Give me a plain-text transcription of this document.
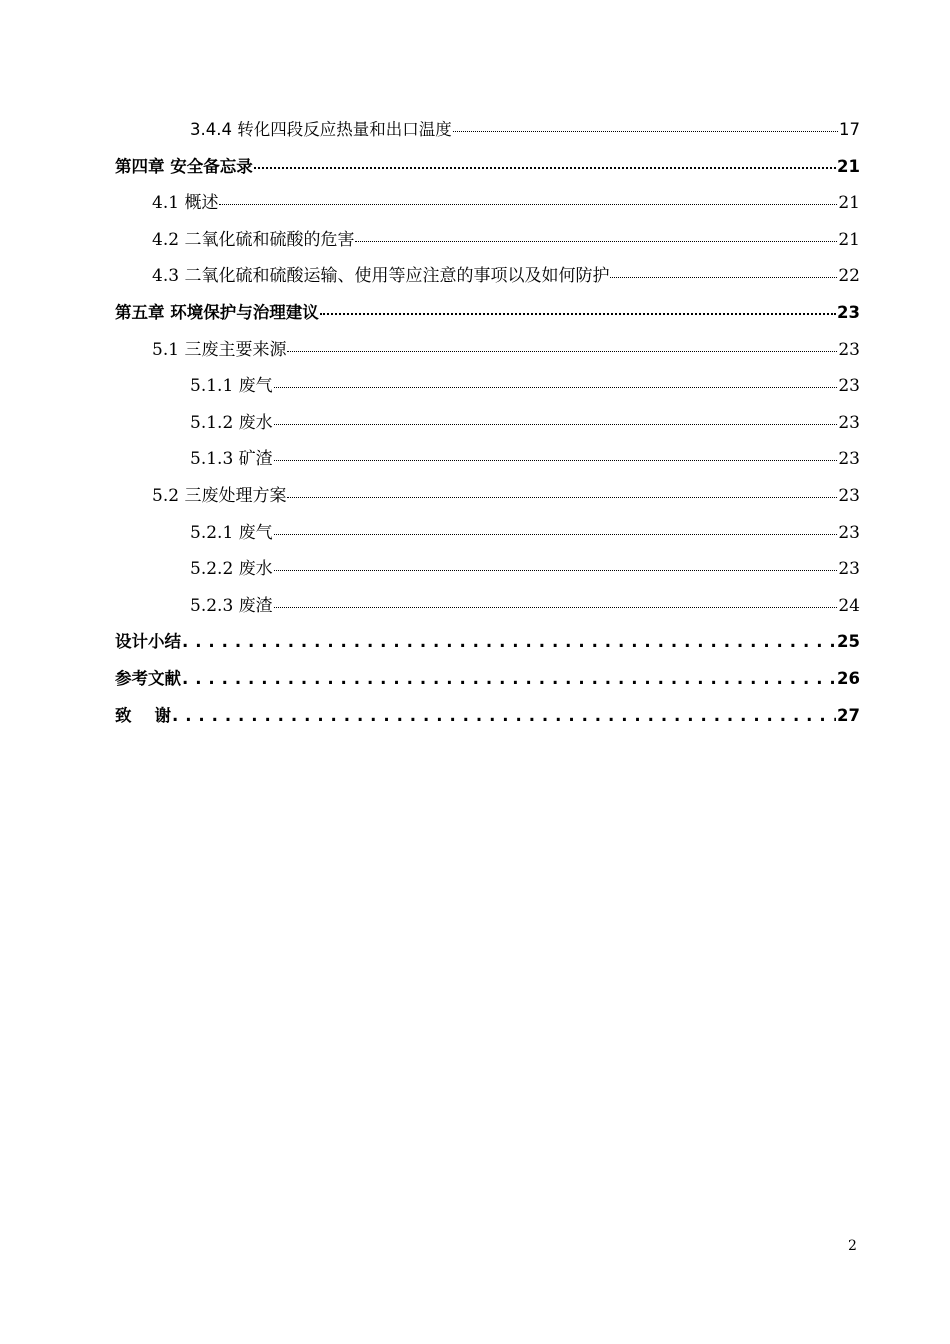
3.4.4 转化四段反应热量和出口温度	17
第四章 安全备忘录	21
4.1 概述	21
4.2 二氧化硫和硫酸的危害	21
4.3 二氧化硫和硫酸运输、使用等应注意的事项以及如何防护	22
第五章 环境保护与治理建议	23
5.1 三废主要来源	23
5.1.1 废气	23
5.1.2 废水	23
5.1.3 矿渣	23
5.2 三废处理方案	23
5.2.1 废气	23
5.2.2 废水	23
5.2.3 废渣	24
设计小结 . . .	25
参考文献 . . .	26
致    谢 . . .	27
2
